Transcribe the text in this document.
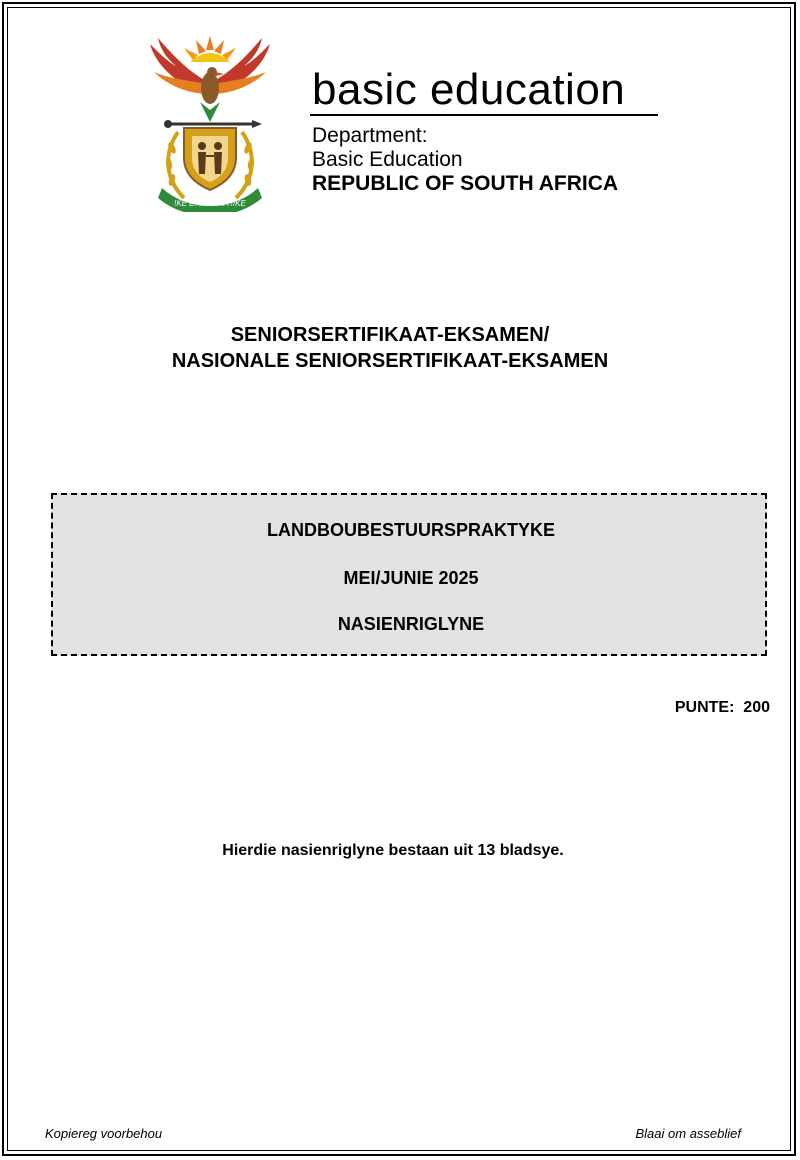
!KE E: /XARRA //KE
basic education
Department:
Basic Education
REPUBLIC OF SOUTH AFRICA
SENIORSERTIFIKAAT-EKSAMEN/
NASIONALE SENIORSERTIFIKAAT-EKSAMEN
LANDBOUBESTUURSPRAKTYKE
MEI/JUNIE 2025
NASIENRIGLYNE
PUNTE:  200
Hierdie nasienriglyne bestaan uit 13 bladsye.
Kopiereg voorbehou	Blaai om asseblief
